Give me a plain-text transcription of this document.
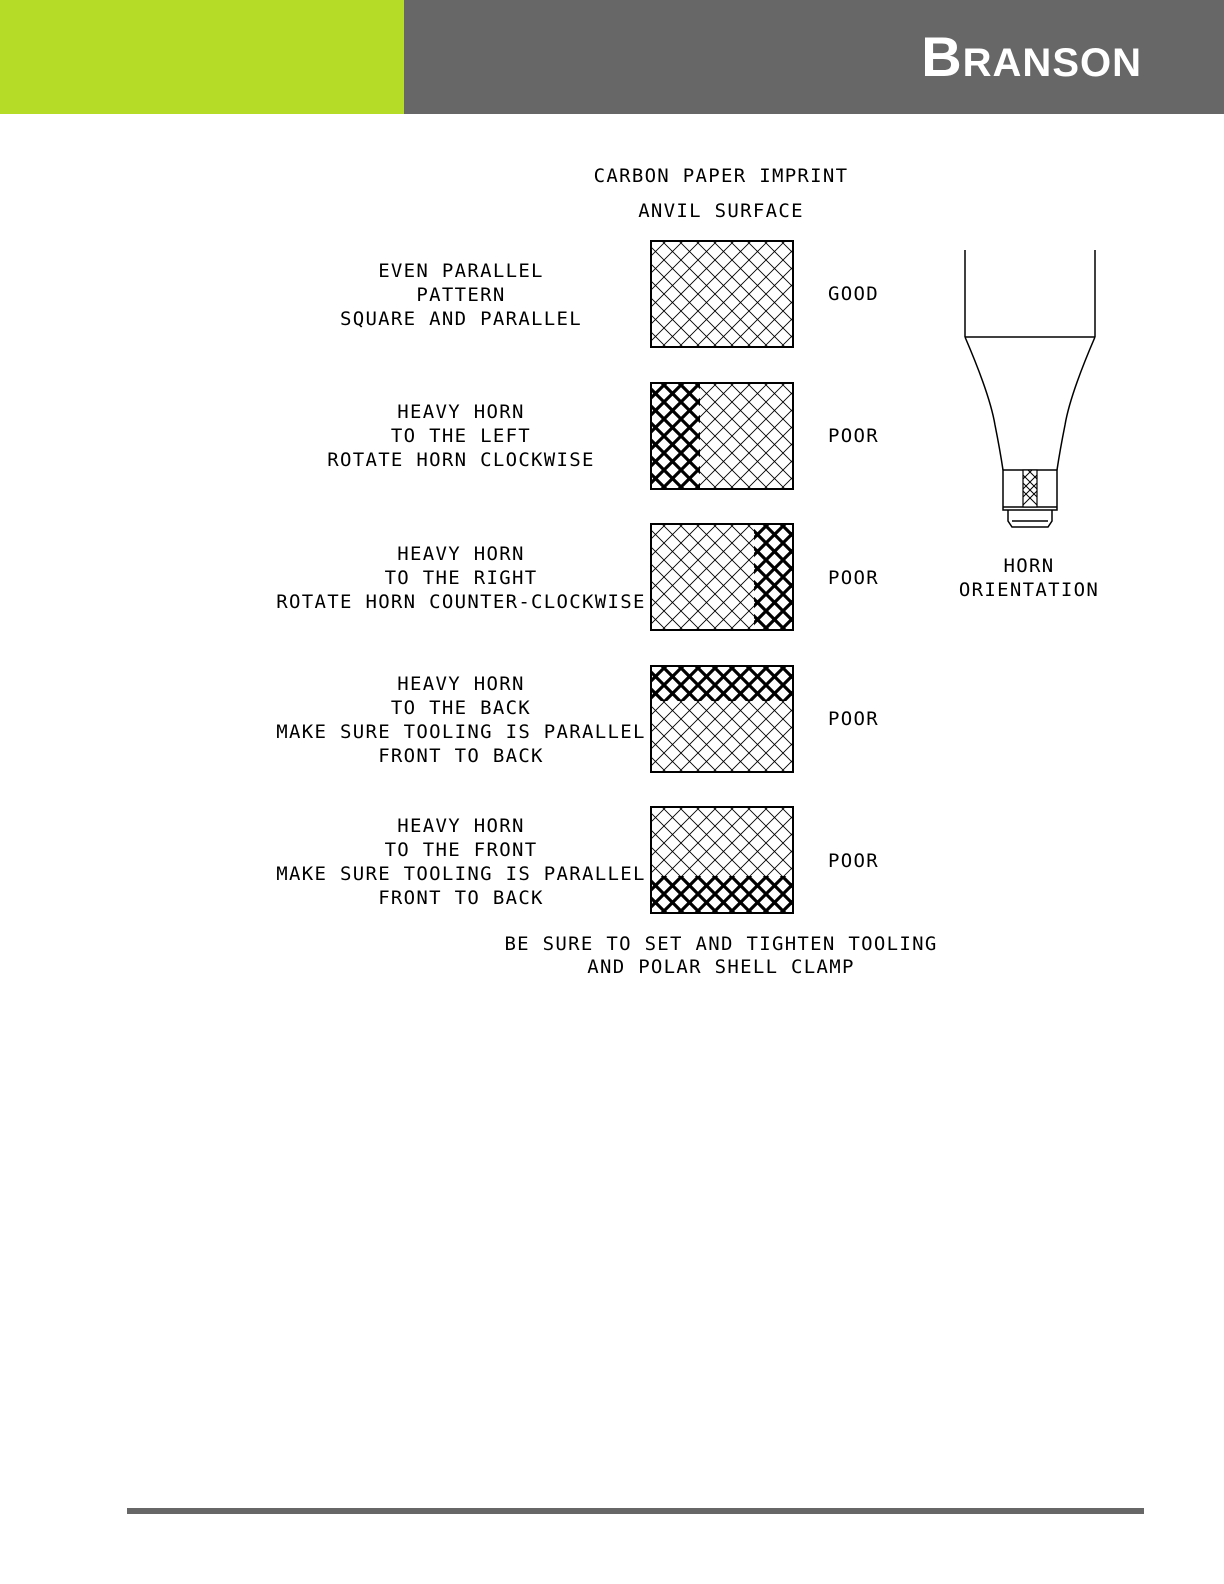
BRANSON
CARBON PAPER IMPRINT
ANVIL SURFACE
EVEN PARALLEL
PATTERN
SQUARE AND PARALLEL
GOOD
HEAVY HORN
TO THE LEFT
ROTATE HORN CLOCKWISE
POOR
HEAVY HORN
TO THE RIGHT
ROTATE HORN COUNTER-CLOCKWISE
POOR
HEAVY HORN
TO THE BACK
MAKE SURE TOOLING IS PARALLEL
FRONT TO BACK
POOR
HEAVY HORN
TO THE FRONT
MAKE SURE TOOLING IS PARALLEL
FRONT TO BACK
POOR
HORN
ORIENTATION
BE SURE TO SET AND TIGHTEN TOOLING
AND POLAR SHELL CLAMP
